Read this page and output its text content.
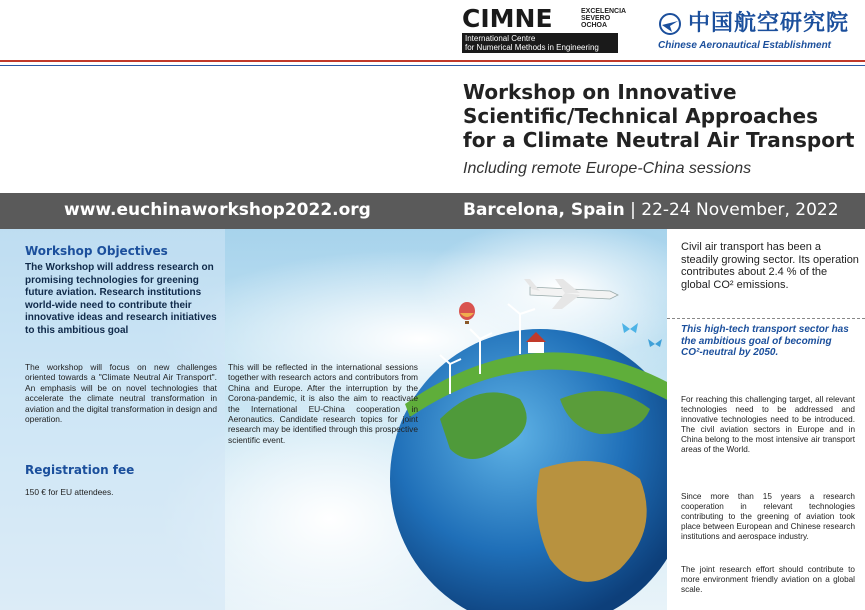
CIMNE
International Centre
for Numerical Methods in Engineering
EXCELENCIA
SEVERO
OCHOA	中国航空研究院
Chinese Aeronautical Establishment
Workshop on Innovative
Scientific/Technical Approaches
for a Climate Neutral Air Transport
Including remote Europe-China sessions
www.euchinaworkshop2022.org	Barcelona, Spain | 22-24 November, 2022
Workshop Objectives
The Workshop will address research on promising technologies for greening future aviation. Research institutions world-wide need to contribute their innovative ideas and research initiatives to this ambitious goal
The workshop will focus on new challenges oriented towards a "Climate Neutral Air Transport". An emphasis will be on novel technologies that accelerate the climate neutral transformation in aviation and the digital transformation in design and operation.
Registration fee
150 € for EU attendees.
This will be reflected in the international sessions together with research actors and contributors from China and Europe. After the interruption by the Corona-pandemic, it is also the aim to reactivate the International EU-China cooperation in Aeronautics. Candidate research topics for joint research may be identified through this prospective scientific event.
Civil air transport has been a steadily growing sector. Its operation contributes about 2.4 % of the global CO² emissions.
This high-tech transport sector has the ambitious goal of becoming CO²-neutral by 2050.
For reaching this challenging target, all relevant technologies need to be addressed and innovative technologies need to be introduced. The civil aviation sectors in Europe and in China belong to the most intensive air transport areas of the World.
Since more than 15 years a research cooperation in relevant technologies contributing to the greening of aviation took place between European and Chinese research institutions and aerospace industry.
The joint research effort should contribute to more environment friendly aviation on a global scale.
